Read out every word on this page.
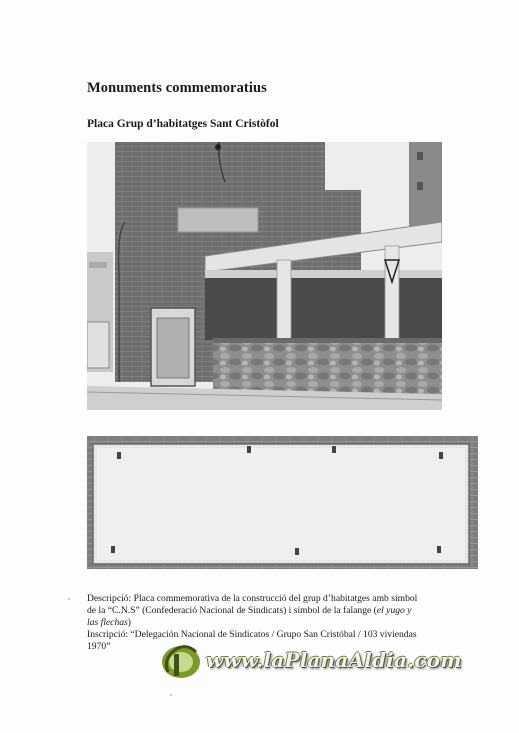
Monuments commemoratius
Placa Grup d’habitatges Sant Cristòfol
Descripció: Placa commemorativa de la construcció del grup d’habitatges amb símbol
de la “C.N.S” (Confederació Nacional de Sindicats) i símbol de la falange (el yugo y
las flechas)
Inscripció: “Delegación Nacional de Sindicatos / Grupo San Cristóbal / 103 viviendas
1970”
www.laPlanaAldia.com
